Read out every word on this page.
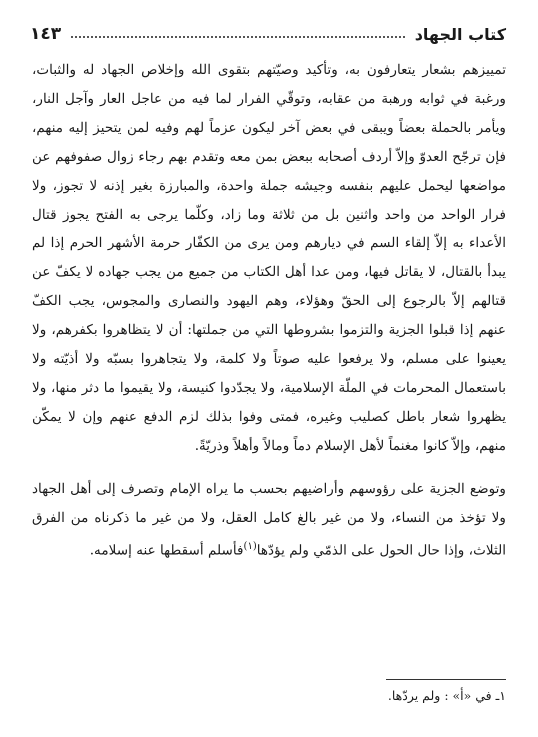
كتاب الجهاد
١٤٣

تمييزهم بشعار يتعارفون به، وتأكيد وصيّتهم بتقوى الله وإخلاص الجهاد له والثبات، ورغبة في ثوابه ورهبة من عقابه، وتوقّي الفرار لما فيه من عاجل العار وآجل النار، ويأمر بالحملة بعضاً ويبقى في بعض آخر ليكون عزماً لهم وفيه لمن يتحيز إليه منهم، فإن ترجّح العدوّ وإلاّ أردف أصحابه ببعض بمن معه وتقدم بهم رجاء زوال صفوفهم عن مواضعها ليحمل عليهم بنفسه وجيشه جملة واحدة، والمبارزة بغير إذنه لا تجوز، ولا فرار الواحد من واحد واثنين بل من ثلاثة وما زاد، وكلّما يرجى به الفتح يجوز قتال الأعداء به إلاّ إلقاء السم في ديارهم ومن يرى من الكفّار حرمة الأشهر الحرم إذا لم يبدأ بالقتال، لا يقاتل فيها، ومن عدا أهل الكتاب من جميع من يجب جهاده لا يكفّ عن قتالهم إلاّ بالرجوع إلى الحقّ وهؤلاء، وهم اليهود والنصارى والمجوس، يجب الكفّ عنهم إذا قبلوا الجزية والتزموا بشروطها التي من جملتها: أن لا يتظاهروا بكفرهم، ولا يعينوا على مسلم، ولا يرفعوا عليه صوتاً ولا كلمة، ولا يتجاهروا بسبّه ولا أذيّته ولا باستعمال المحرمات في الملّة الإسلامية، ولا يجدّدوا كنيسة، ولا يقيموا ما دثر منها، ولا يظهروا شعار باطل كصليب وغيره، فمتى وفوا بذلك لزم الدفع عنهم وإن لا يمكّن منهم، وإلاّ كانوا مغنماً لأهل الإسلام دماً ومالاً وأهلاً وذريّةً.

وتوضع الجزية على رؤوسهم وأراضيهم بحسب ما يراه الإمام وتصرف إلى أهل الجهاد ولا تؤخذ من النساء، ولا من غير بالغ كامل العقل، ولا من غير ما ذكرناه من الفرق الثلاث، وإذا حال الحول على الذمّي ولم يؤدّها$^{(١)}$فأسلم أسقطها عنه إسلامه.

١ـ في «أ» : ولم يردّها.
